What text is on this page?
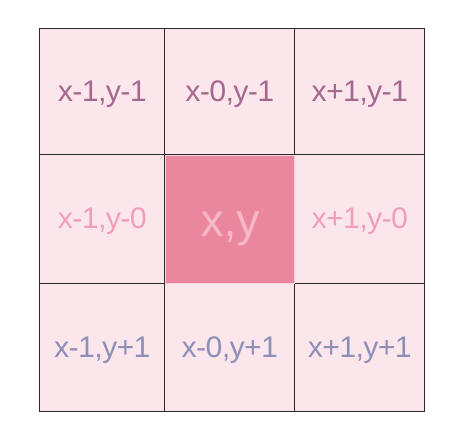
x-1,y-1	x-0,y-1	x+1,y-1
x-1,y-0	x,y	x+1,y-0
x-1,y+1	x-0,y+1	x+1,y+1
